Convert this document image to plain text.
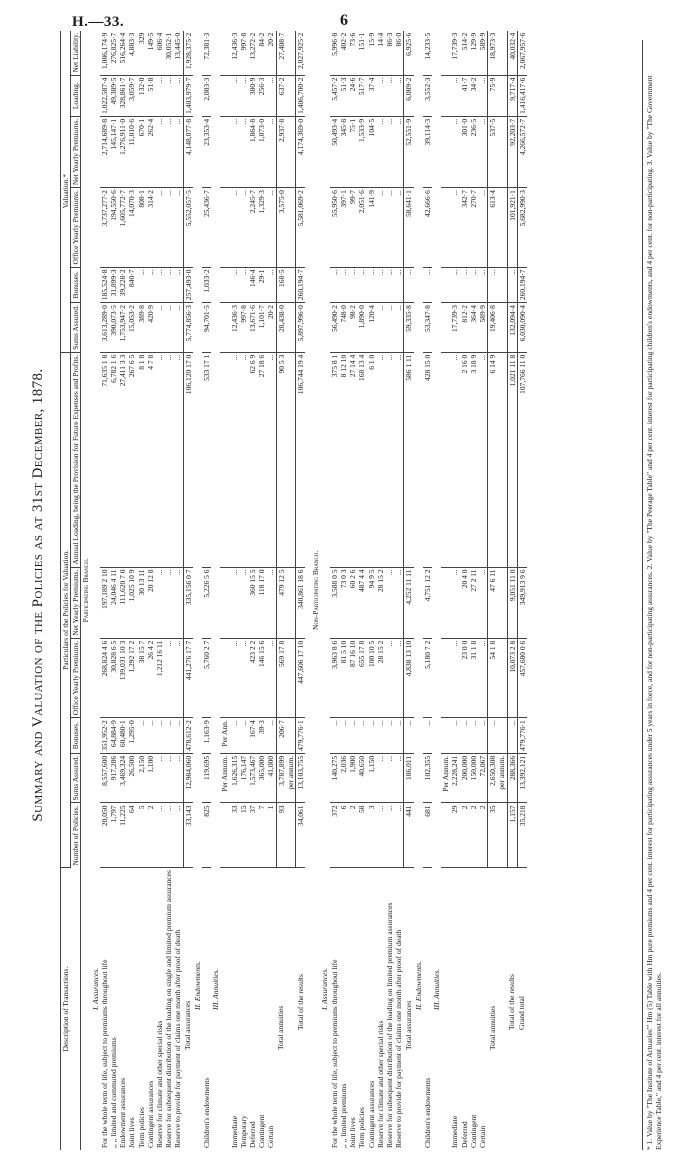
H.—33.	6
Summary and Valuation of the Policies as at 31st December, 1878.
Description of Transactions.	Particulars of the Policies for Valuation.						Valuation.*					
	Number of Policies.	Sums Assured.	Bonuses.	Office Yearly Premiums.	Net Yearly Premiums.	Annual Loading, being the Provision for Future Expenses and Profits.	Sums Assured.	Bonuses.	Office Yearly Premiums.	Net Yearly Premiums.	Loading.	Net Liability.
Participating Branch.												
I. Assurances.												
For the whole term of life, subject to premiums throughout life	20,050	8,557,600	351,952·2	268,824 4 6	197,189 2 10	71,635 1 8	3,613,289·0	185,524·8	3,737,277·2	2,714,689·8	1,022,587·4	1,086,174·9
,, ,, limited and commuted premiums	1,797	917,286	64,884·9	30,828 6 5	24,046 4 11	6,782 1 6	390,073·5	31,899·3	194,550·6	145,147·1	49,389·5	276,825·7
Endowment assurances	11,225	3,469,324	60,480·1	139,031 10 3	111,620 7 0	27,411 3 3	1,753,947·2	39,228·2	1,605,772·7	1,276,911·0	328,861·7	516,264·4
Joint lives	64	26,500	1,295·0	1,292 17 2	1,025 10 9	267 6 5	15,053·2	840·7	14,070·3	11,010·6	3,059·7	4,883·3
Term policies	5	2,150	...	38 15 7	30 13 11	8 1 8	389·8	...	808·1	670·1	132·0	329
Contingent assurances	2	1,100	...	26 4 2	20 12 8	4 7 8	420·9	...	314·2	262·4	51·8	149·5
Reserve for climate and other special risks	...	...	...	1,212 16 11	...	...	...	...	...	...	...	606·4
Reserve for subsequent distribution of the loading on single and limited premium assurances	...	...	...	...	...	...	...	...	...	...	...	30,052·1
Reserve to provide for payment of claims one month after proof of death	...	...	...	...	...	...	...	...	...	...	...	13,445·0
Total assurances	33,143	12,984,060	478,612·2	441,276 17 7	335,156 0 7	106,120 17 0	5,774,856·3	257,493·0	5,552,057·5	4,148,077·8	1,403,979·7	1,928,375·2
II. Endowments.												
Children's endowments	825	119,695	1,163·9	5,760 2 7	5,226 5 6	533 17 1	94,701·5	1,033·2	25,436·7	23,353·4	2,083·3	72,381·3
III. Annuities.												
		Per Annum.	Per Ann.									
Immediate	33	1,626,315	...	...	...	...	12,436·3	...	...	...	...	12,436·3
Temporary	15	176,147	...	...	...	...	997·8	...	...	...	...	997·8
Deferred	37	1,573,467	167·4	423 2 2	360 15 5	62 6 9	13,671·6	146·4	2,245·7	1,864·8	380·9	13,272·2
Contingent	7	365,000	39·3	146 15 6	118 17 0	27 18 6	1,101·7	29·1	1,329·3	1,073·0	256·3	84·2
Certain	1	41,000	...	...	...	...	20·2	...	...	...	...	20·2
Total annuities	93	3,787,899	206·7	569 17 8	479 12 5	90 5 3	28,438·0	168·5	3,575·0	2,937·8	637·2	27,408·7
		per annum.										
Total of the results	34,061	13,103,755	479,776·1	447,606 17 10	340,861 18 6	106,744 19 4	5,897,996·0	260,194·7	5,581,069·2	4,174,369·0	1,406,700·2	2,027,925·2

Non-Participating Branch.												
I. Assurances.												
For the whole term of life, subject to premiums throughout life	372	140,275	...	3,963 8 6	3,588 0 5	375 8 1	56,490·2	...	55,950·6	50,493·4	5,457·2	5,996·8
,, ,, limited premiums	6	2,036	...	81 5 10	73 0 3	8 12 10	748·0	...	397·1	345·8	51·3	402·2
Joint lives	2	1,900	...	87 16 10	60 2 6	27 14 4	98·2	...	99·7	75·1	24·6	73·6
Term policies	58	40,650	...	655 17 8	487 4 4	168 13 4	1,890·0	...	2,051·6	1,533·9	517·7	151·1
Contingent assurances	3	1,150	...	100 10 5	94 9 5	6 1 0	120·4	...	141·9	104·5	37·4	15·9
Reserve for climate and other special risks	...	...	...	28 15 2	28 15 2	...	...	...	...	...	...	14·4
Reserve for subsequent distribution of the loading on limited premium assurances	...	...	...	...	...	...	...	...	...	...	...	86·3
Reserve to provide for payment of claims one month after proof of death	...	...	...	...	...	...	...	...	...	...	...	86·0
Total assurances	441	186,011	...	4,838 13 10	4,252 11 11	586 1 11	59,335·8	...	58,641·1	52,551·9	6,089·2	6,925·6
II. Endowments.												
Children's endowments	681	102,355	...	5,180 7 2	4,751 12 2	428 15 0	53,347·8	...	42,666·6	39,114·3	3,552·3	14,233·5
III. Annuities.												
		Per Annum.										
Immediate	29	2,228,241	...	...	...	...	17,739·3	...	...	...	...	17,739·3
Deferred	2	200,000	...	23 0 0	20 4 0	2 16 0	812·2	...	342·7	301·0	41·7	514·2
Contingent	2	150,000	...	31 1 8	27 2 11	3 18 9	364·4	...	270·7	236·5	34·2	129·9
Certain	2	72,067	...	...	...	...	589·9	...	...	...	...	589·9
Total annuities	35	2,650,308	...	54 1 8	47 6 11	6 14 9	19,406·8	...	613·4	537·5	75·9	18,973·3
		per annum.										
Total of the results	1,157	288,366	...	10,073 2 8	9,051 11 0	1,021 11 8	132,094·4	...	101,921·1	92,203·7	9,717·4	40,032·4
Grand total	35,218	13,392,121	479,776·1	457,680 0 6	349,913 9 6	107,766 11 0	6,030,090·4	260,194·7	5,682,990·3	4,266,572·7	1,416,417·6	2,067,957·6
* 1. Value by "The Institute of Actuaries'" Hm (5) Table with Hm pure premiums and 4 per cent. interest for participating assurances under 5 years in force, and for non-participating assurances. 2. Value by "The Peerage Table" and 4 per cent. interest for participating children's endowments, and 4 per cent. for non-participating. 3. Value by "The Government Experience Table," and 4 per cent. interest for all annuities.
